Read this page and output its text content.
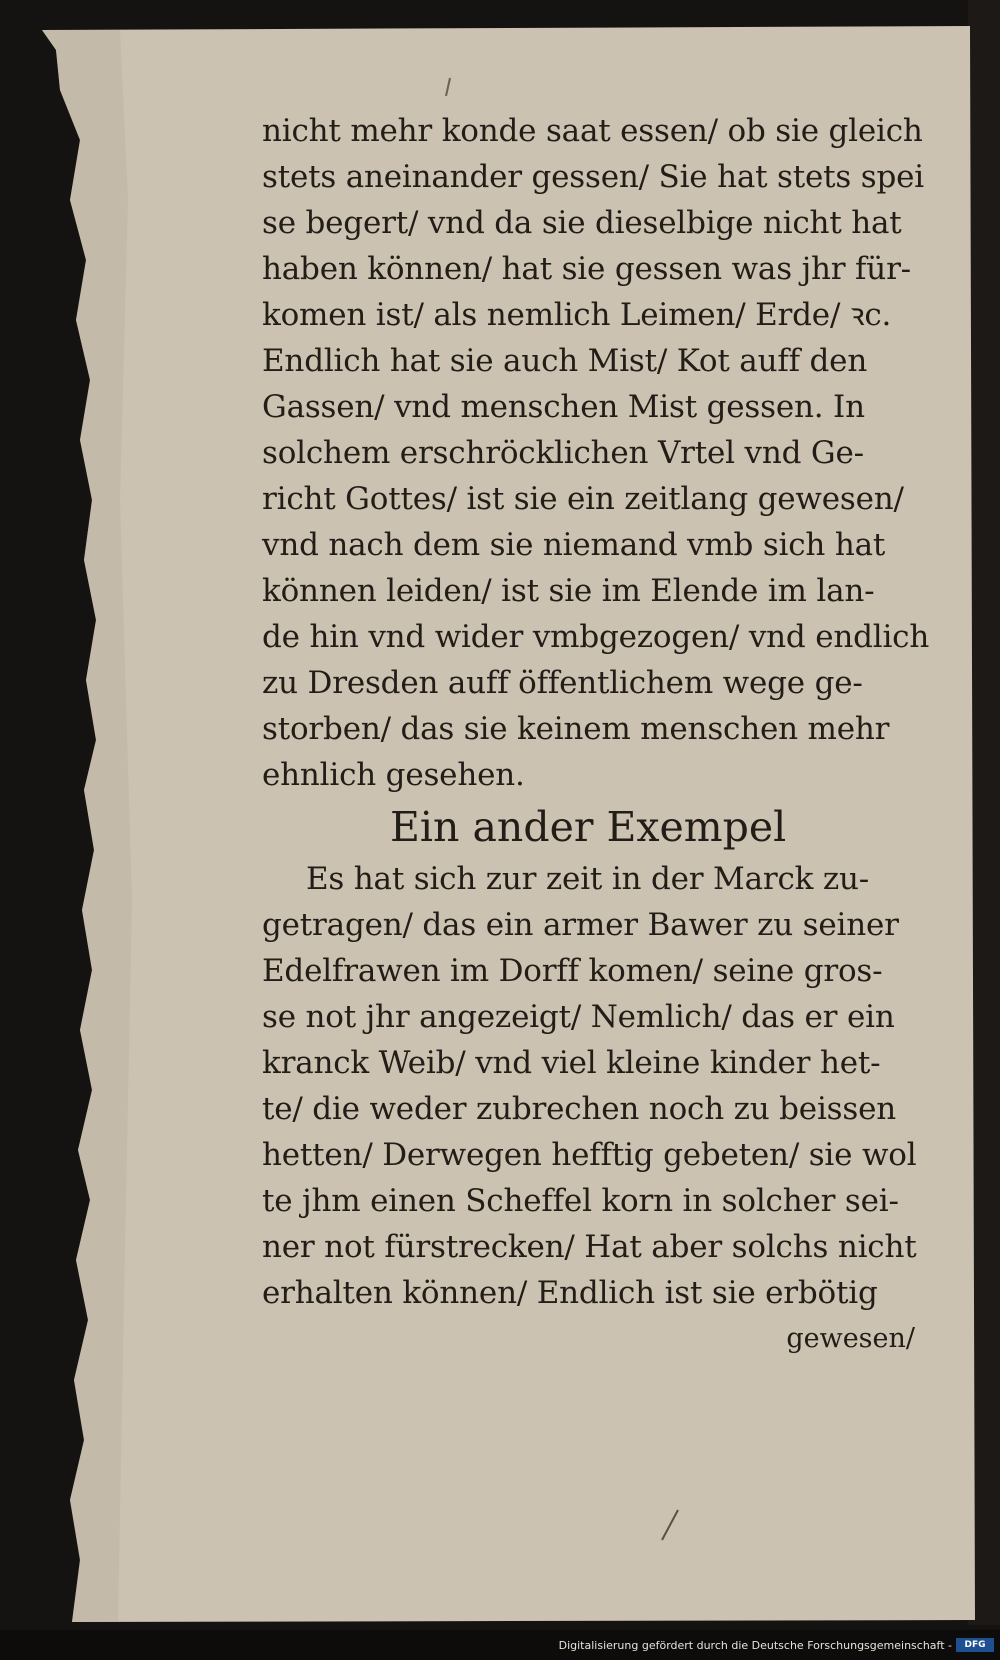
nicht mehr konde saat essen/ ob sie gleich
stets aneinander gessen/ Sie hat stets spei
se begert/ vnd da sie dieselbige nicht hat
haben können/ hat sie gessen was jhr für-
komen ist/ als nemlich Leimen/ Erde/ ꝛc.
Endlich hat sie auch Mist/ Kot auff den
Gassen/ vnd menschen Mist gessen. In
solchem erschröcklichen Vrtel vnd Ge-
richt Gottes/ ist sie ein zeitlang gewesen/
vnd nach dem sie niemand vmb sich hat
können leiden/ ist sie im Elende im lan-
de hin vnd wider vmbgezogen/ vnd endlich
zu Dresden auff öffentlichem wege ge-
storben/ das sie keinem menschen mehr
ehnlich gesehen.
Ein ander Exempel
Es hat sich zur zeit in der Marck zu-
getragen/ das ein armer Bawer zu seiner
Edelfrawen im Dorff komen/ seine gros-
se not jhr angezeigt/ Nemlich/ das er ein
kranck Weib/ vnd viel kleine kinder het-
te/ die weder zubrechen noch zu beissen
hetten/ Derwegen hefftig gebeten/ sie wol
te jhm einen Scheffel korn in solcher sei-
ner not fürstrecken/ Hat aber solchs nicht
erhalten können/ Endlich ist sie erbötig
gewesen/
Digitalisierung gefördert durch die Deutsche Forschungsgemeinschaft -	DFG
